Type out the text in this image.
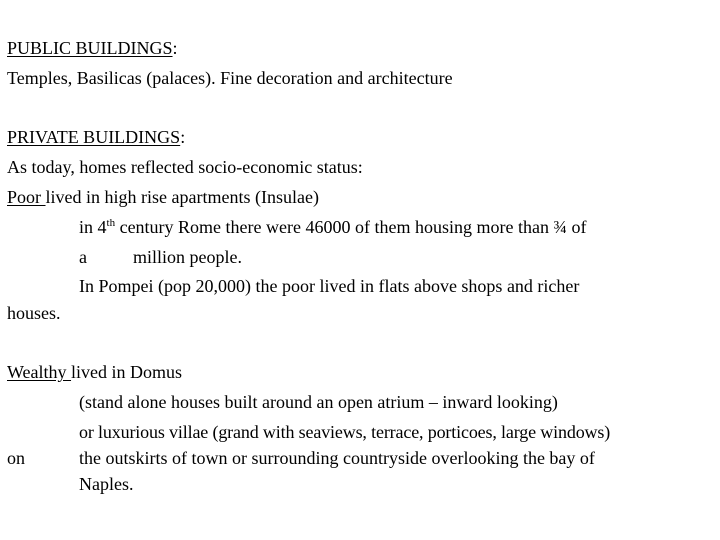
PUBLIC BUILDINGS:
Temples, Basilicas (palaces). Fine decoration and architecture
PRIVATE BUILDINGS:
As today, homes reflected socio-economic status:
Poor lived in high rise apartments (Insulae)
in 4th century Rome there were 46000 of them housing more than ¾ of
a	million people.
In Pompei (pop 20,000) the poor lived in flats above shops and richer
houses.
Wealthy lived in Domus
(stand alone houses built around an open atrium – inward looking)
or luxurious villae (grand with seaviews, terrace, porticoes, large windows)
on	the outskirts of town or surrounding countryside overlooking the bay of
Naples.
